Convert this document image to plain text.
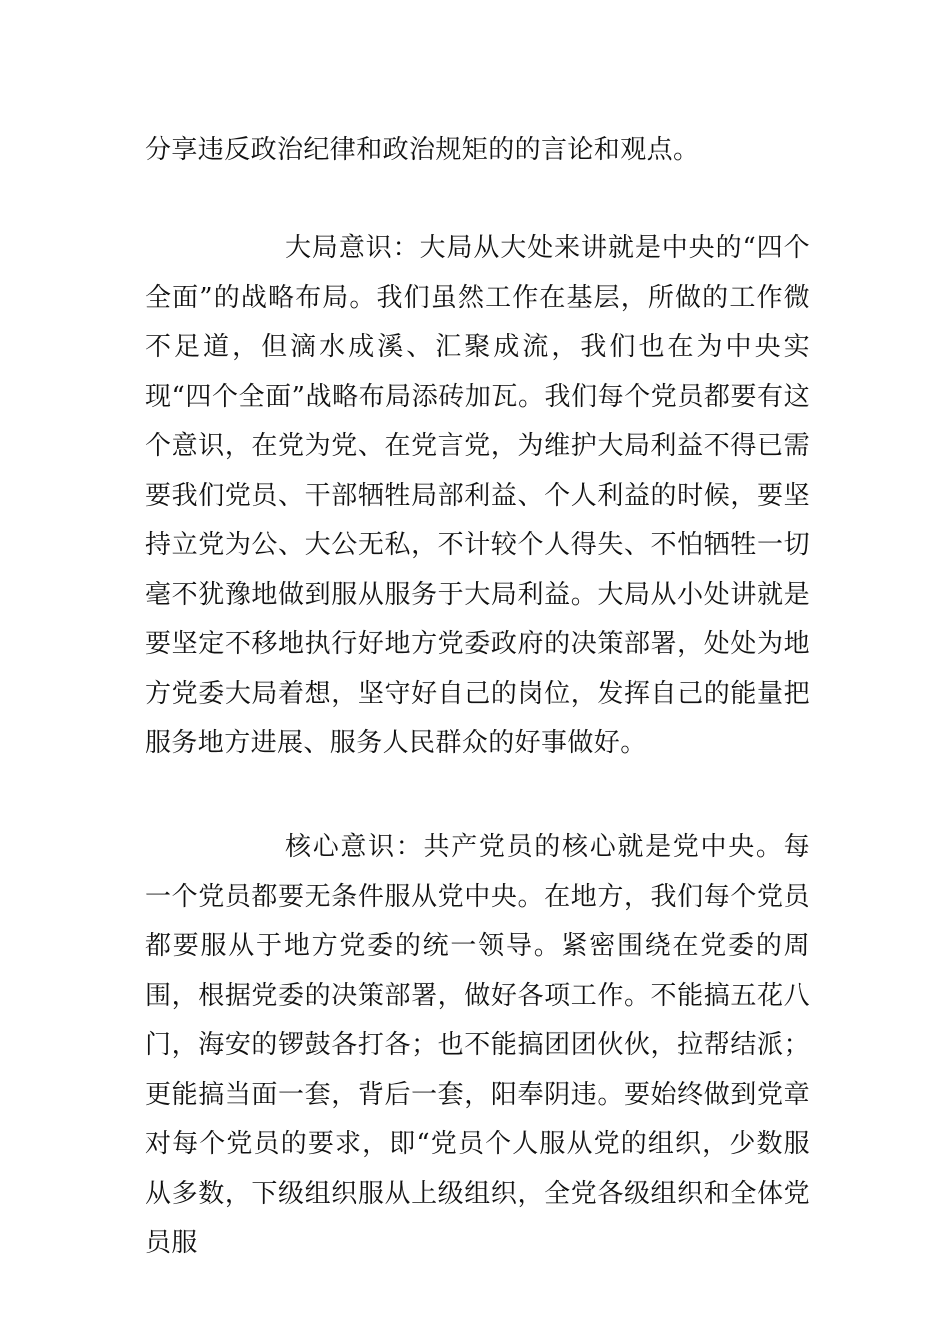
分享违反政治纪律和政治规矩的的言论和观点。

大局意识：大局从大处来讲就是中央的“四个全面”的战略布局。我们虽然工作在基层，所做的工作微不足道，但滴水成溪、汇聚成流，我们也在为中央实现“四个全面”战略布局添砖加瓦。我们每个党员都要有这个意识，在党为党、在党言党，为维护大局利益不得已需要我们党员、干部牺牲局部利益、个人利益的时候，要坚持立党为公、大公无私，不计较个人得失、不怕牺牲一切毫不犹豫地做到服从服务于大局利益。大局从小处讲就是要坚定不移地执行好地方党委政府的决策部署，处处为地方党委大局着想，坚守好自己的岗位，发挥自己的能量把服务地方进展、服务人民群众的好事做好。

核心意识：共产党员的核心就是党中央。每一个党员都要无条件服从党中央。在地方，我们每个党员都要服从于地方党委的统一领导。紧密围绕在党委的周围，根据党委的决策部署，做好各项工作。不能搞五花八门，海安的锣鼓各打各；也不能搞团团伙伙，拉帮结派；更能搞当面一套，背后一套，阳奉阴违。要始终做到党章对每个党员的要求，即“党员个人服从党的组织，少数服从多数，下级组织服从上级组织，全党各级组织和全体党员服
